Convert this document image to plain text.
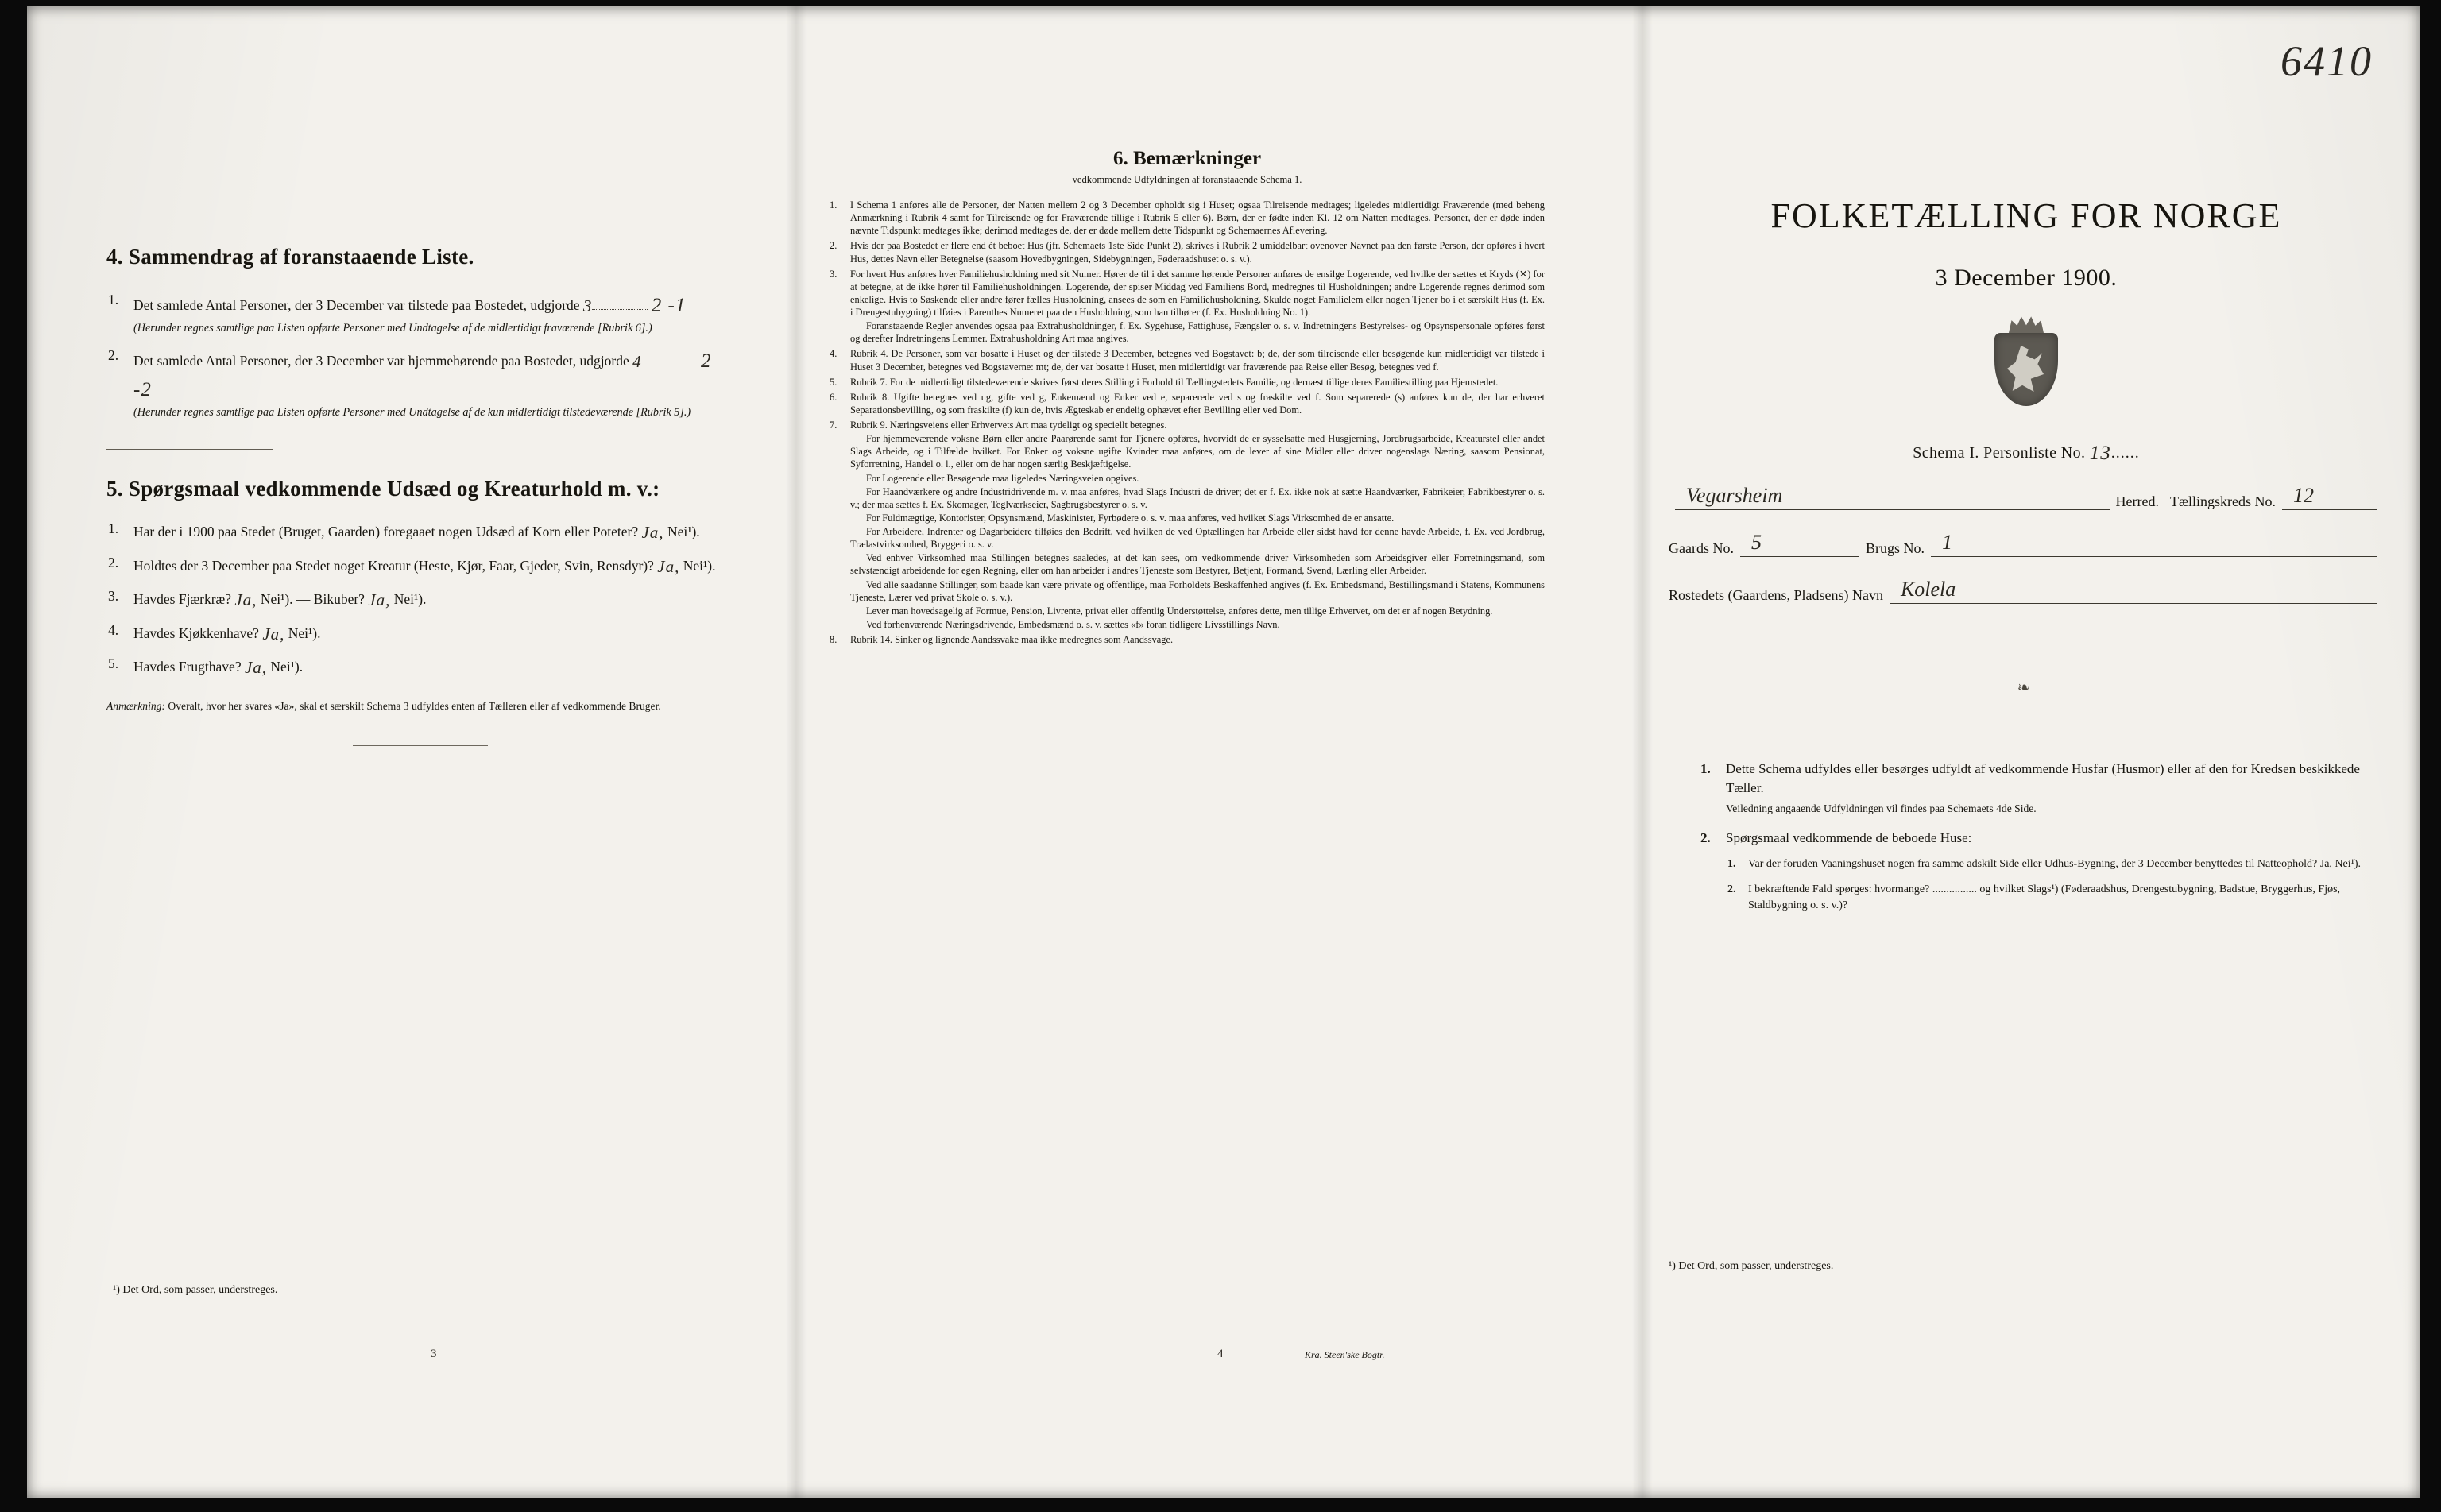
4. Sammendrag af foranstaaende Liste.
1. Det samlede Antal Personer, der 3 December var tilstede paa Bostedet, udgjorde 3	2 -1
(Herunder regnes samtlige paa Listen opførte Personer med Undtagelse af de midlertidigt fraværende [Rubrik 6].)
2. Det samlede Antal Personer, der 3 December var hjemmehørende paa Bostedet, udgjorde 4	2 -2
(Herunder regnes samtlige paa Listen opførte Personer med Undtagelse af de kun midlertidigt tilstedeværende [Rubrik 5].)
5. Spørgsmaal vedkommende Udsæd og Kreaturhold m. v.:
1. Har der i 1900 paa Stedet (Bruget, Gaarden) foregaaet nogen Udsæd af Korn eller Poteter? Ja, Nei¹).
2. Holdtes der 3 December paa Stedet noget Kreatur (Heste, Kjør, Faar, Gjeder, Svin, Rensdyr)? Ja, Nei¹).
3. Havdes Fjærkræ? Ja, Nei¹). — Bikuber? Ja, Nei¹).
4. Havdes Kjøkkenhave? Ja, Nei¹).
5. Havdes Frugthave? Ja, Nei¹).
Anmærkning: Overalt, hvor her svares «Ja», skal et særskilt Schema 3 udfyldes enten af Tælleren eller af vedkommende Bruger.
¹) Det Ord, som passer, understreges.
3
6. Bemærkninger
vedkommende Udfyldningen af foranstaaende Schema 1.
1. I Schema 1 anføres alle de Personer, der Natten mellem 2 og 3 December opholdt sig i Huset; ogsaa Tilreisende medtages; ligeledes midlertidigt Fraværende (med beheng Anmærkning i Rubrik 4 samt for Tilreisende og for Fraværende tillige i Rubrik 5 eller 6). Børn, der er fødte inden Kl. 12 om Natten medtages. Personer, der er døde inden nævnte Tidspunkt medtages ikke; derimod medtages de, der er døde mellem dette Tidspunkt og Schemaernes Aflevering.
2. Hvis der paa Bostedet er flere end ét beboet Hus (jfr. Schemaets 1ste Side Punkt 2), skrives i Rubrik 2 umiddelbart ovenover Navnet paa den første Person, der opføres i hvert Hus, dettes Navn eller Betegnelse (saasom Hovedbygningen, Sidebygningen, Føderaadshuset o. s. v.).
3. For hvert Hus anføres hver Familiehusholdning med sit Numer. Hører de til i det samme hørende Personer anføres de ensilge Logerende, ved hvilke der sættes et Kryds (✕) for at betegne, at de ikke hører til Familiehusholdningen. Logerende, der spiser Middag ved Familiens Bord, medregnes til Husholdningen; andre Logerende regnes derimod som enkelige. Hvis to Søskende eller andre fører fælles Husholdning, ansees de som en Familiehusholdning. Skulde noget Familielem eller nogen Tjener bo i et særskilt Hus (f. Ex. i Drengestubygning) tilføies i Parenthes Numeret paa den Husholdning, som han tilhører (f. Ex. Husholdning No. 1).
Foranstaaende Regler anvendes ogsaa paa Extrahusholdninger, f. Ex. Sygehuse, Fattighuse, Fængsler o. s. v. Indretningens Bestyrelses- og Opsynspersonale opføres først og derefter Indretningens Lemmer. Extrahusholdning Art maa angives.
4. Rubrik 4. De Personer, som var bosatte i Huset og der tilstede 3 December, betegnes ved Bogstavet: b; de, der som tilreisende eller besøgende kun midlertidigt var tilstede i Huset 3 December, betegnes ved Bogstaverne: mt; de, der var bosatte i Huset, men midlertidigt var fraværende paa Reise eller Besøg, betegnes ved f.
5. Rubrik 7. For de midlertidigt tilstedeværende skrives først deres Stilling i Forhold til Tællingstedets Familie, og dernæst tillige deres Familiestilling paa Hjemstedet.
6. Rubrik 8. Ugifte betegnes ved ug, gifte ved g, Enkemænd og Enker ved e, separerede ved s og fraskilte ved f. Som separerede (s) anføres kun de, der har erhveret Separationsbevilling, og som fraskilte (f) kun de, hvis Ægteskab er endelig ophævet efter Bevilling eller ved Dom.
7. Rubrik 9. Næringsveiens eller Erhvervets Art maa tydeligt og speciellt betegnes.
For hjemmeværende voksne Børn eller andre Paarørende samt for Tjenere opføres, hvorvidt de er sysselsatte med Husgjerning, Jordbrugsarbeide, Kreaturstel eller andet Slags Arbeide, og i Tilfælde hvilket. For Enker og voksne ugifte Kvinder maa anføres, om de lever af sine Midler eller driver nogenslags Næring, saasom Pensionat, Syforretning, Handel o. l., eller om de har nogen særlig Beskjæftigelse.
For Logerende eller Besøgende maa ligeledes Næringsveien opgives.
For Haandværkere og andre Industridrivende m. v. maa anføres, hvad Slags Industri de driver; det er f. Ex. ikke nok at sætte Haandværker, Fabrikeier, Fabrikbestyrer o. s. v.; der maa sættes f. Ex. Skomager, Teglværkseier, Sagbrugsbestyrer o. s. v.
For Fuldmægtige, Kontorister, Opsynsmænd, Maskinister, Fyrbødere o. s. v. maa anføres, ved hvilket Slags Virksomhed de er ansatte.
For Arbeidere, Indrenter og Dagarbeidere tilføies den Bedrift, ved hvilken de ved Optællingen har Arbeide eller sidst havd for denne havde Arbeide, f. Ex. ved Jordbrug, Trælastvirksomhed, Bryggeri o. s. v.
Ved enhver Virksomhed maa Stillingen betegnes saaledes, at det kan sees, om vedkommende driver Virksomheden som Arbeidsgiver eller Forretningsmand, som selvstændigt arbeidende for egen Regning, eller om han arbeider i andres Tjeneste som Bestyrer, Betjent, Formand, Svend, Lærling eller Arbeider.
Ved alle saadanne Stillinger, som baade kan være private og offentlige, maa Forholdets Beskaffenhed angives (f. Ex. Embedsmand, Bestillingsmand i Statens, Kommunens Tjeneste, Lærer ved privat Skole o. s. v.).
Lever man hovedsagelig af Formue, Pension, Livrente, privat eller offentlig Understøttelse, anføres dette, men tillige Erhvervet, om det er af nogen Betydning.
Ved forhenværende Næringsdrivende, Embedsmænd o. s. v. sættes «f» foran tidligere Livsstillings Navn.
8. Rubrik 14. Sinker og lignende Aandssvake maa ikke medregnes som Aandssvage.
Kra. Steen'ske Bogtr.
4
6410
FOLKETÆLLING FOR NORGE
3 December 1900.
Schema I. Personliste No. 13......
Vegarsheim	Herred. Tællingskreds No. 12
Gaards No. 5	Brugs No. 1
Rostedets (Gaardens, Pladsens) Navn Kolela
❧
1. Dette Schema udfyldes eller besørges udfyldt af vedkommende Husfar (Husmor) eller af den for Kredsen beskikkede Tæller.
Veiledning angaaende Udfyldningen vil findes paa Schemaets 4de Side.
2. Spørgsmaal vedkommende de beboede Huse:
1. Var der foruden Vaaningshuset nogen fra samme adskilt Side eller Udhus-Bygning, der 3 December benyttedes til Natteophold? Ja, Nei¹).
2. I bekræftende Fald spørges: hvormange? ................ og hvilket Slags¹) (Føderaadshus, Drengestubygning, Badstue, Bryggerhus, Fjøs, Staldbygning o. s. v.)?
¹) Det Ord, som passer, understreges.
